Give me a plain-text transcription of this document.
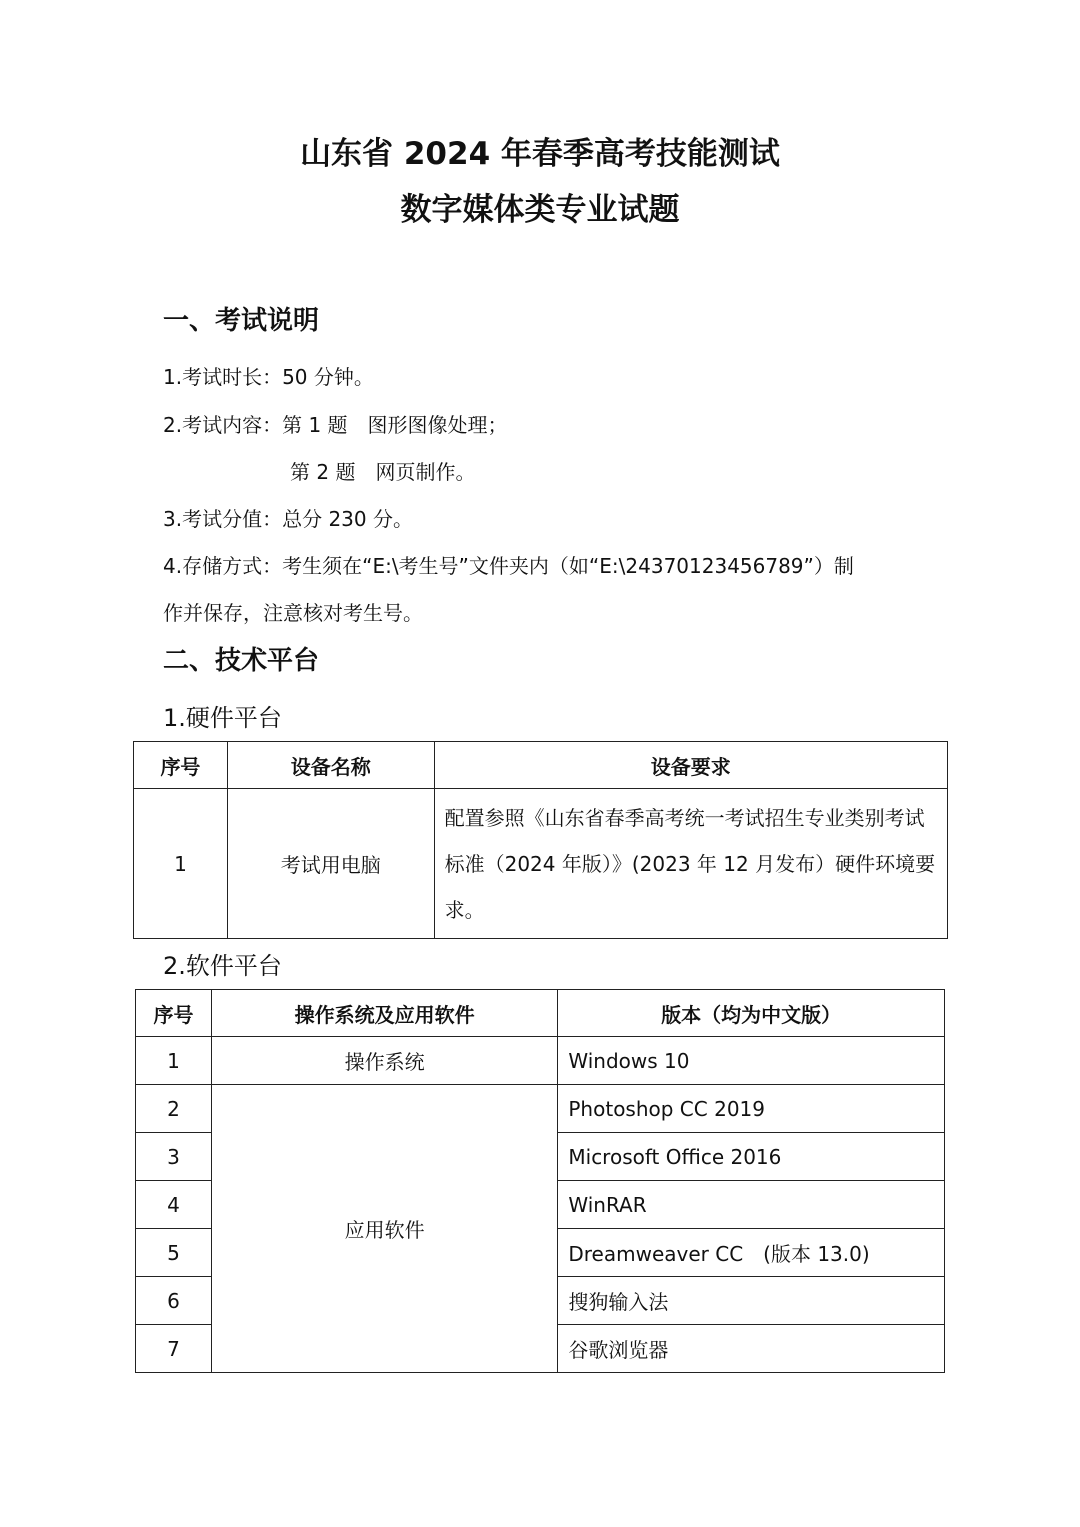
山东省 2024 年春季高考技能测试
数字媒体类专业试题
一、考试说明
1.考试时长：50 分钟。
2.考试内容：第 1 题　图形图像处理；
第 2 题　网页制作。
3.考试分值：总分 230 分。
4.存储方式：考生须在“E:\考生号”文件夹内（如“E:\24370123456789”）制
作并保存，注意核对考生号。
二、技术平台
1.硬件平台
序号	设备名称	设备要求
1	考试用电脑	配置参照《山东省春季高考统一考试招生专业类别考试标准（2024 年版）》(2023 年 12 月发布）硬件环境要求。
2.软件平台
序号	操作系统及应用软件	版本（均为中文版）
1	操作系统	Windows 10
2	应用软件	Photoshop CC 2019
3		Microsoft Office 2016
4		WinRAR
5		Dreamweaver CC　(版本 13.0)
6		搜狗输入法
7		谷歌浏览器
